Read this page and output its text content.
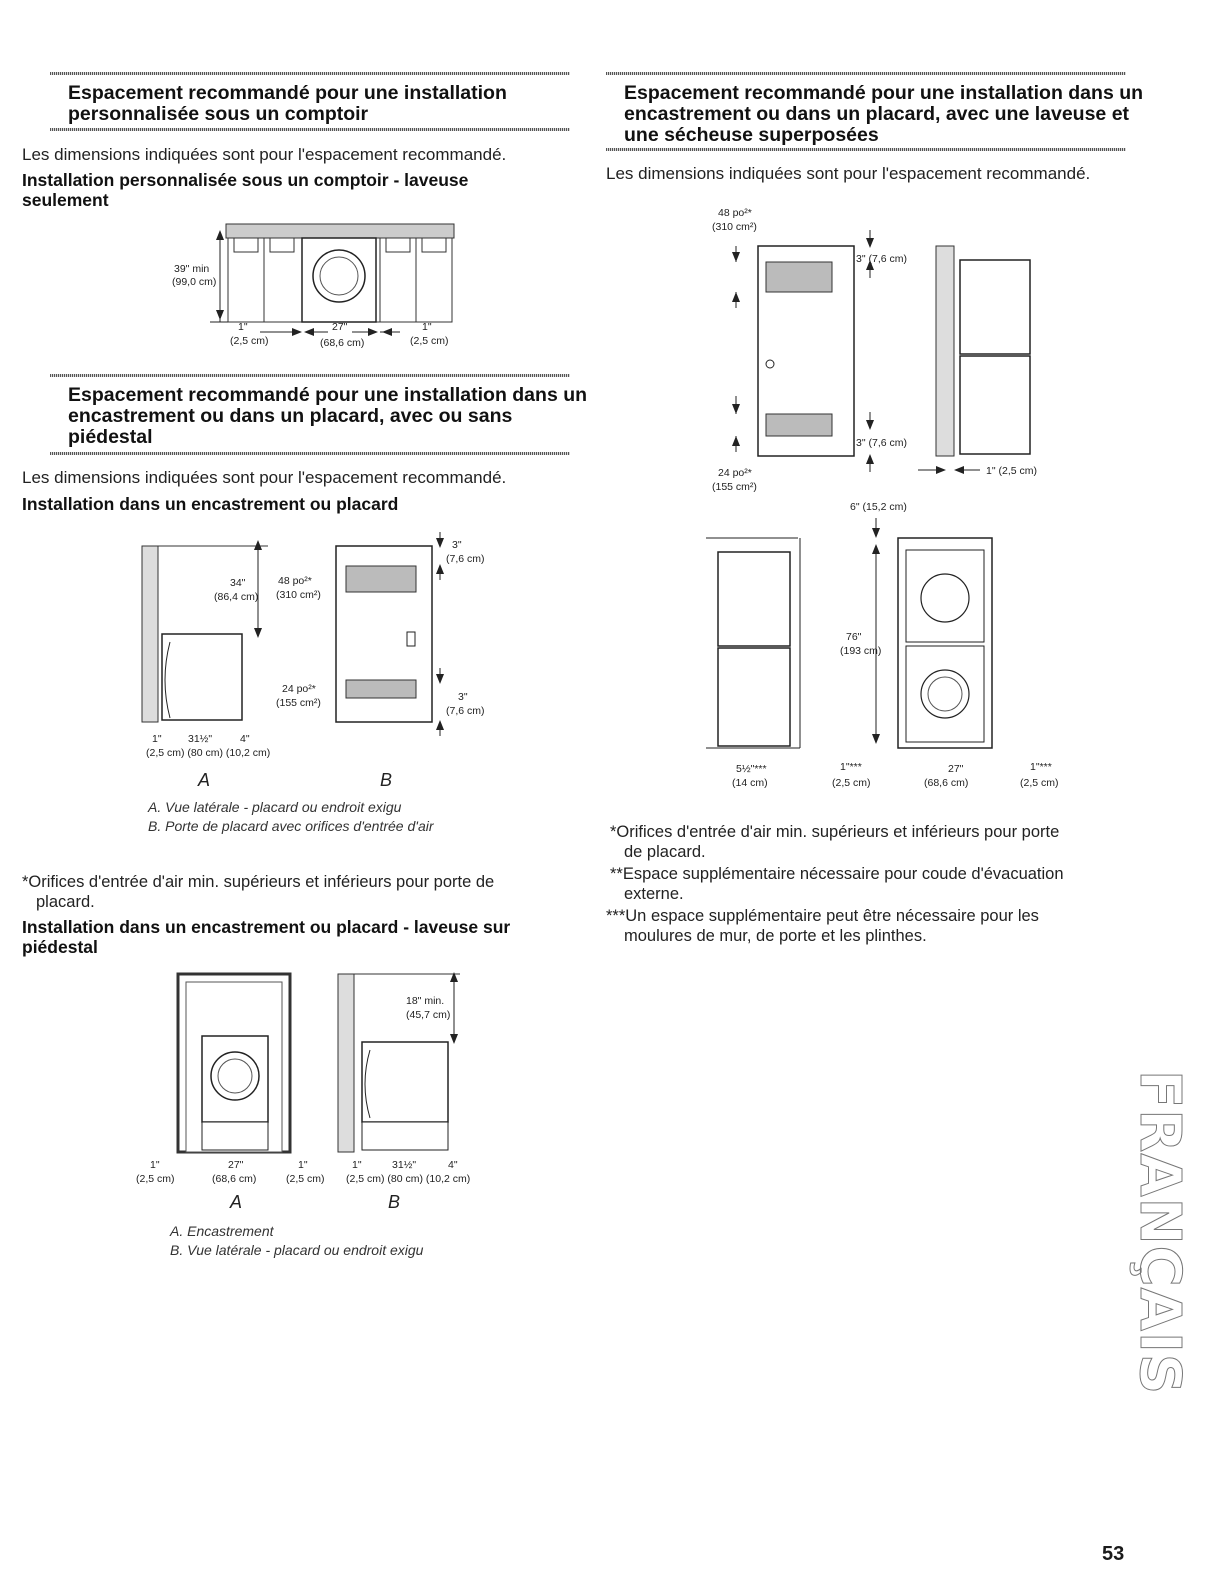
Espacement recommandé pour une installation
personnalisée sous un comptoir
Les dimensions indiquées sont pour l'espacement recommandé.
Installation personnalisée sous un comptoir - laveuse
seulement
39" min
(99,0 cm)
1"
(2,5 cm)
27"
(68,6 cm)
1"
(2,5 cm)
Espacement recommandé pour une installation dans un
encastrement ou dans un placard, avec ou sans
piédestal
Les dimensions indiquées sont pour l'espacement recommandé.
Installation dans un encastrement ou placard
34"
(86,4 cm)
48 po²*
(310 cm²)
24 po²*
(155 cm²)
3"
(7,6 cm)
3"
(7,6 cm)
1"	31½"	4"
(2,5 cm) (80 cm) (10,2 cm)
A	B
A. Vue latérale - placard ou endroit exigu
B. Porte de placard avec orifices d'entrée d'air
*Orifices d'entrée d'air min. supérieurs et inférieurs pour porte de
placard.
Installation dans un encastrement ou placard - laveuse sur
piédestal
18" min.
(45,7 cm)
1"
(2,5 cm)
27"
(68,6 cm)
1"
(2,5 cm)
1"	31½"	4"
(2,5 cm) (80 cm) (10,2 cm)
A	B
A. Encastrement
B. Vue latérale - placard ou endroit exigu
Espacement recommandé pour une installation dans un
encastrement ou dans un placard, avec une laveuse et
une sécheuse superposées
Les dimensions indiquées sont pour l'espacement recommandé.
48 po²*
(310 cm²)
3" (7,6 cm)
3" (7,6 cm)
24 po²*
(155 cm²)
1" (2,5 cm)
6" (15,2 cm)
76"
(193 cm)
5½"***
(14 cm)
1"***
(2,5 cm)
27"
(68,6 cm)
1"***
(2,5 cm)
*Orifices d'entrée d'air min. supérieurs et inférieurs pour porte
de placard.
**Espace supplémentaire nécessaire pour coude d'évacuation
externe.
***Un espace supplémentaire peut être nécessaire pour les
moulures de mur, de porte et les plinthes.
FRANÇAIS
53
